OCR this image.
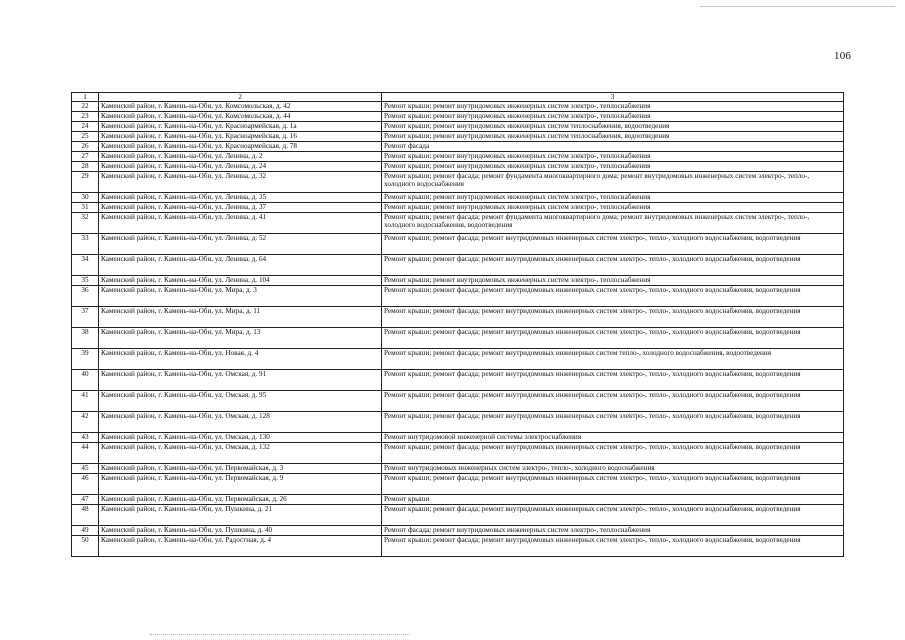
106
1	2	3
22	Каменский район, г. Камень-на-Оби, ул. Комсомольская, д. 42	Ремонт крыши; ремонт внутридомовых инженерных систем электро-, теплоснабжения
23	Каменский район, г. Камень-на-Оби, ул. Комсомольская, д. 44	Ремонт крыши; ремонт внутридомовых инженерных систем электро-, теплоснабжения
24	Каменский район, г. Камень-на-Оби, ул. Красноармейская, д. 1а	Ремонт крыши; ремонт внутридомовых инженерных систем теплоснабжения, водоотведения
25	Каменский район, г. Камень-на-Оби, ул. Красноармейская, д. 16	Ремонт крыши; ремонт внутридомовых инженерных систем теплоснабжения, водоотведения
26	Каменский район, г. Камень-на-Оби, ул. Красноармейская, д. 78	Ремонт фасада
27	Каменский район, г. Камень-на-Оби, ул. Ленина, д. 2	Ремонт крыши; ремонт внутридомовых инженерных систем электро-, теплоснабжения
28	Каменский район, г. Камень-на-Оби, ул. Ленина, д. 24	Ремонт крыши; ремонт внутридомовых инженерных систем электро-, теплоснабжения
29	Каменский район, г. Камень-на-Оби, ул. Ленина, д. 32	Ремонт крыши; ремонт фасада; ремонт фундамента многоквартирного дома; ремонт внутридомовых инженерных систем электро-, тепло-, холодного водоснабжения
30	Каменский район, г. Камень-на-Оби, ул. Ленина, д. 35	Ремонт крыши; ремонт внутридомовых инженерных систем электро-, теплоснабжения
31	Каменский район, г. Камень-на-Оби, ул. Ленина, д. 37	Ремонт крыши; ремонт внутридомовых инженерных систем электро-, теплоснабжения
32	Каменский район, г. Камень-на-Оби, ул. Ленина, д. 41	Ремонт крыши; ремонт фасада; ремонт фундамента многоквартирного дома; ремонт внутридомовых инженерных систем электро-, тепло-, холодного водоснабжения, водоотведения
33	Каменский район, г. Камень-на-Оби, ул. Ленина, д. 52	Ремонт крыши; ремонт фасада; ремонт внутридомовых инженерных систем электро-, тепло-, холодного водоснабжения, водоотведения
34	Каменский район, г. Камень-на-Оби, ул. Ленина, д. 64	Ремонт крыши; ремонт фасада; ремонт внутридомовых инженерных систем электро-, тепло-, холодного водоснабжения, водоотведения
35	Каменский район, г. Камень-на-Оби, ул. Ленина, д. 104	Ремонт крыши; ремонт внутридомовых инженерных систем электро-, теплоснабжения
36	Каменский район, г. Камень-на-Оби, ул. Мира, д. 3	Ремонт крыши; ремонт фасада; ремонт внутридомовых инженерных систем электро-, тепло-, холодного водоснабжения, водоотведения
37	Каменский район, г. Камень-на-Оби, ул. Мира, д. 11	Ремонт крыши; ремонт фасада; ремонт внутридомовых инженерных систем электро-, тепло-, холодного водоснабжения, водоотведения
38	Каменский район, г. Камень-на-Оби, ул. Мира, д. 13	Ремонт крыши; ремонт фасада; ремонт внутридомовых инженерных систем электро-, тепло-, холодного водоснабжения, водоотведения
39	Каменский район, г. Камень-на-Оби, ул. Новая, д. 4	Ремонт крыши; ремонт фасада; ремонт внутридомовых инженерных систем тепло-, холодного водоснабжения, водоотведения
40	Каменский район, г. Камень-на-Оби, ул. Омская, д. 91	Ремонт крыши; ремонт фасада; ремонт внутридомовых инженерных систем электро-, тепло-, холодного водоснабжения, водоотведения
41	Каменский район, г. Камень-на-Оби, ул. Омская, д. 95	Ремонт крыши; ремонт фасада; ремонт внутридомовых инженерных систем электро-, тепло-, холодного водоснабжения, водоотведения
42	Каменский район, г. Камень-на-Оби, ул. Омская, д. 128	Ремонт крыши; ремонт фасада; ремонт внутридомовых инженерных систем электро-, тепло-, холодного водоснабжения, водоотведения
43	Каменский район, г. Камень-на-Оби, ул. Омская, д. 130	Ремонт внутридомовой инженерной системы электроснабжения
44	Каменский район, г. Камень-на-Оби, ул. Омская, д. 132	Ремонт крыши; ремонт фасада; ремонт внутридомовых инженерных систем электро-, тепло-, холодного водоснабжения, водоотведения
45	Каменский район, г. Камень-на-Оби, ул. Первомайская, д. 3	Ремонт внутридомовых инженерных систем электро-, тепло-, холодного водоснабжения
46	Каменский район, г. Камень-на-Оби, ул. Первомайская, д. 9	Ремонт крыши; ремонт фасада; ремонт внутридомовых инженерных систем электро-, тепло-, холодного водоснабжения, водоотведения
47	Каменский район, г. Камень-на-Оби, ул. Первомайская, д. 26	Ремонт крыши
48	Каменский район, г. Камень-на-Оби, ул. Пушкина, д. 21	Ремонт крыши; ремонт фасада; ремонт внутридомовых инженерных систем электро-, тепло-, холодного водоснабжения, водоотведения
49	Каменский район, г. Камень-на-Оби, ул. Пушкина, д. 40	Ремонт фасада; ремонт внутридомовых инженерных систем электро-, теплоснабжения
50	Каменский район, г. Камень-на-Оби, ул. Радостная, д. 4	Ремонт крыши; ремонт фасада; ремонт внутридомовых инженерных систем электро-, тепло-, холодного водоснабжения, водоотведения
